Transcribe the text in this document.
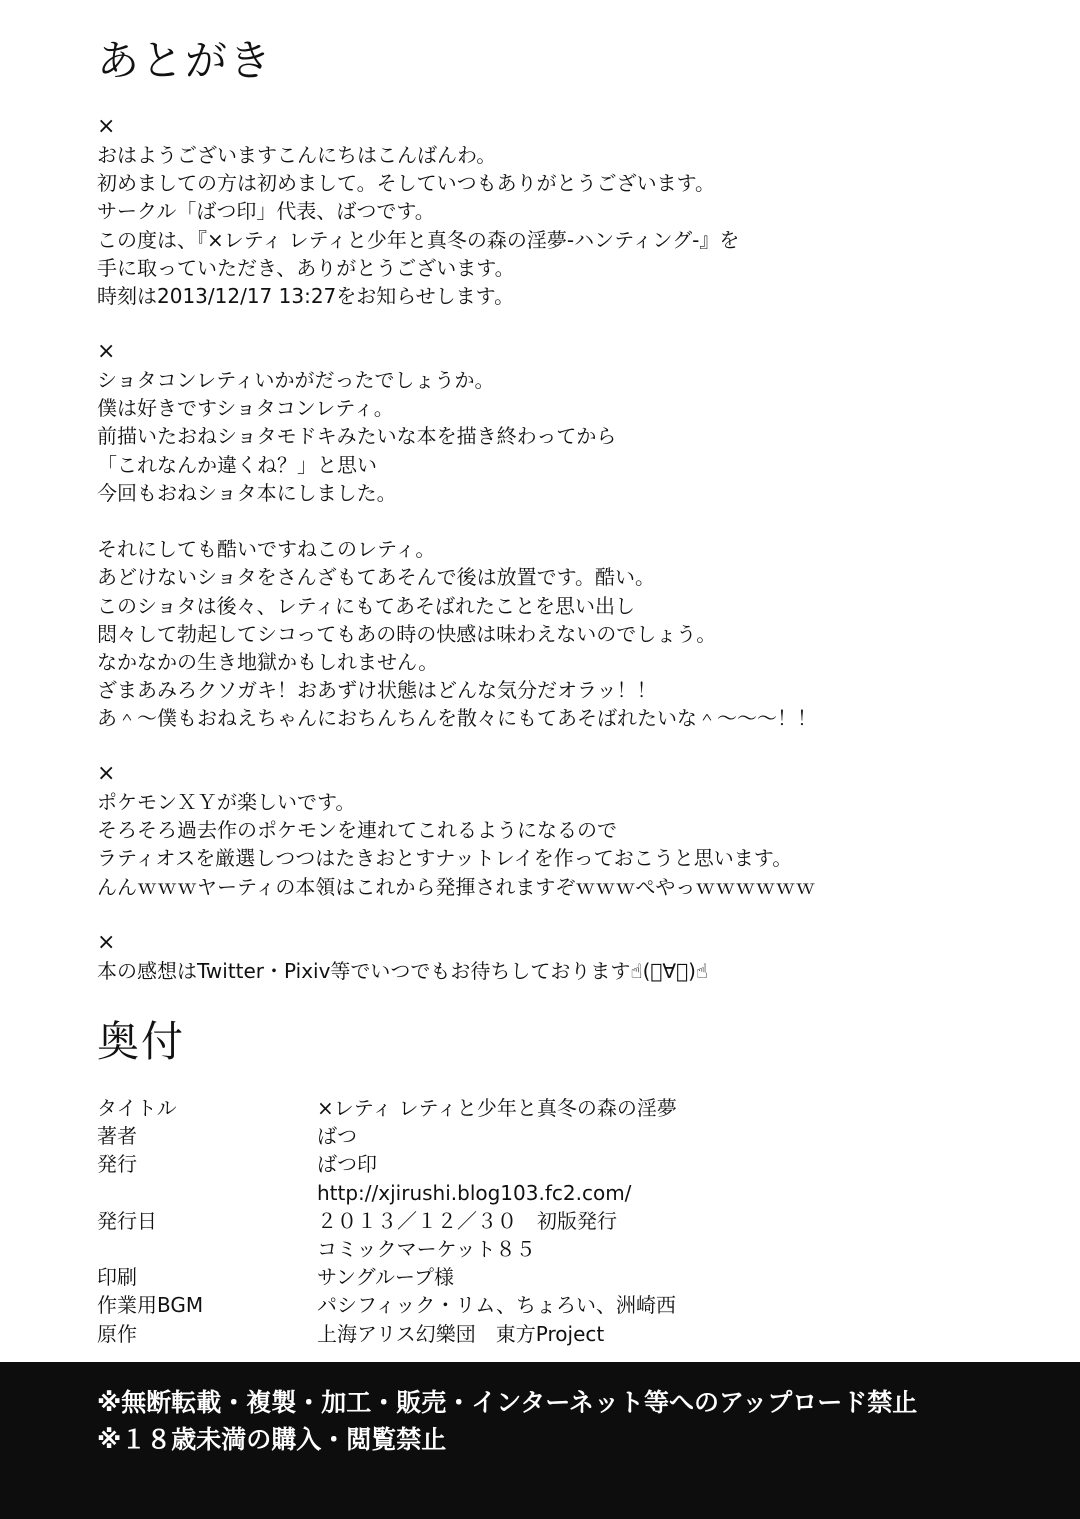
あとがき
×
おはようございますこんにちはこんばんわ。
初めましての方は初めまして。そしていつもありがとうございます。
サークル「ばつ印」代表、ばつです。
この度は、『×レティ レティと少年と真冬の森の淫夢-ハンティング-』を
手に取っていただき、ありがとうございます。
時刻は2013/12/17 13:27をお知らせします。
×
ショタコンレティいかがだったでしょうか。
僕は好きですショタコンレティ。
前描いたおねショタモドキみたいな本を描き終わってから
「これなんか違くね？」と思い
今回もおねショタ本にしました。
それにしても酷いですねこのレティ。
あどけないショタをさんざもてあそんで後は放置です。酷い。
このショタは後々、レティにもてあそばれたことを思い出し
悶々して勃起してシコってもあの時の快感は味わえないのでしょう。
なかなかの生き地獄かもしれません。
ざまあみろクソガキ！おあずけ状態はどんな気分だオラッ！！
あ＾～僕もおねえちゃんにおちんちんを散々にもてあそばれたいな＾～～～！！
×
ポケモンＸＹが楽しいです。
そろそろ過去作のポケモンを連れてこれるようになるので
ラティオスを厳選しつつはたきおとすナットレイを作っておこうと思います。
んんｗｗｗヤーティの本領はこれから発揮されますぞｗｗｗぺやっｗｗｗｗｗｗ
×
本の感想はTwitter・Pixiv等でいつでもお待ちしております☝(ﾟ∀ﾟ)☝
奥付
タイトル	×レティ レティと少年と真冬の森の淫夢
著者	ばつ
発行	ばつ印
http://xjirushi.blog103.fc2.com/
発行日	２０１３／１２／３０　初版発行
コミックマーケット８５
印刷	サングループ様
作業用BGM	パシフィック・リム、ちょろい、洲崎西
原作	上海アリス幻樂団　東方Project
※無断転載・複製・加工・販売・インターネット等へのアップロード禁止
※１８歳未満の購入・閲覧禁止
